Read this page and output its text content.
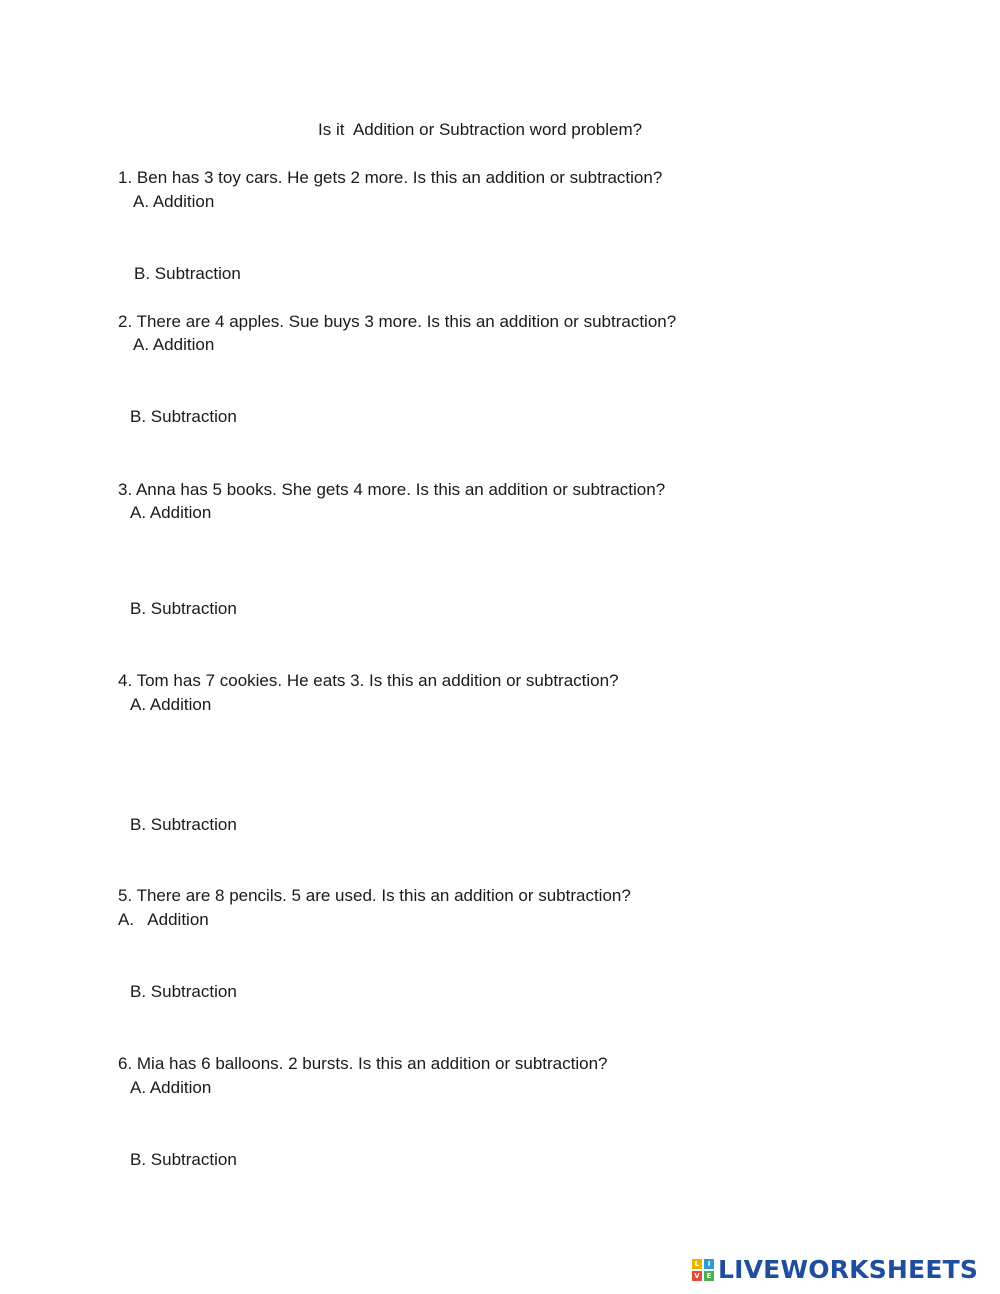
Is it  Addition or Subtraction word problem?

1. Ben has 3 toy cars. He gets 2 more. Is this an addition or subtraction?

A. Addition

B. Subtraction

2. There are 4 apples. Sue buys 3 more. Is this an addition or subtraction?

A. Addition

B. Subtraction

3. Anna has 5 books. She gets 4 more. Is this an addition or subtraction?

A. Addition

B. Subtraction

4. Tom has 7 cookies. He eats 3. Is this an addition or subtraction?

A. Addition

B. Subtraction

5. There are 8 pencils. 5 are used. Is this an addition or subtraction?

A.   Addition

B. Subtraction

6. Mia has 6 balloons. 2 bursts. Is this an addition or subtraction?

A. Addition

B. Subtraction

L	I
V E LIVEWORKSHEETS
